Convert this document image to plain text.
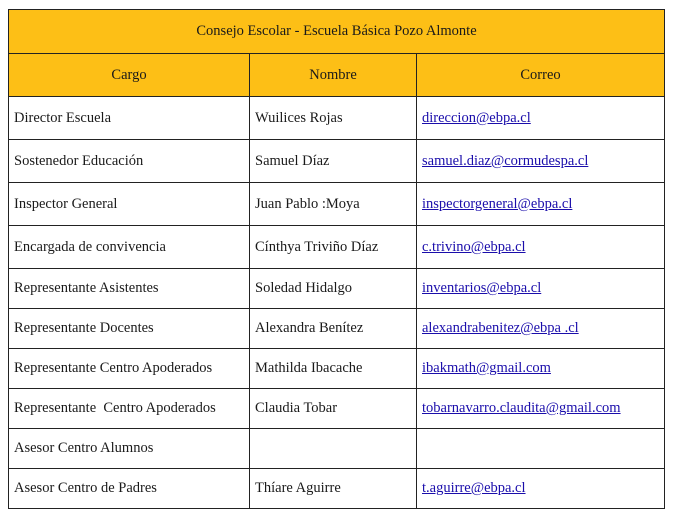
Consejo Escolar - Escuela Básica Pozo Almonte		
Cargo	Nombre	Correo
Director Escuela	Wuilices Rojas	direccion@ebpa.cl
Sostenedor Educación	Samuel Díaz	samuel.diaz@cormudespa.cl
Inspector General	Juan Pablo :Moya	inspectorgeneral@ebpa.cl
Encargada de convivencia	Cínthya Triviño Díaz	c.trivino@ebpa.cl
Representante Asistentes	Soledad Hidalgo	inventarios@ebpa.cl
Representante Docentes	Alexandra Benítez	alexandrabenitez@ebpa .cl
Representante Centro Apoderados	Mathilda Ibacache	ibakmath@gmail.com
Representante  Centro Apoderados	Claudia Tobar	tobarnavarro.claudita@gmail.com
Asesor Centro Alumnos		
Asesor Centro de Padres	Thíare Aguirre	t.aguirre@ebpa.cl
